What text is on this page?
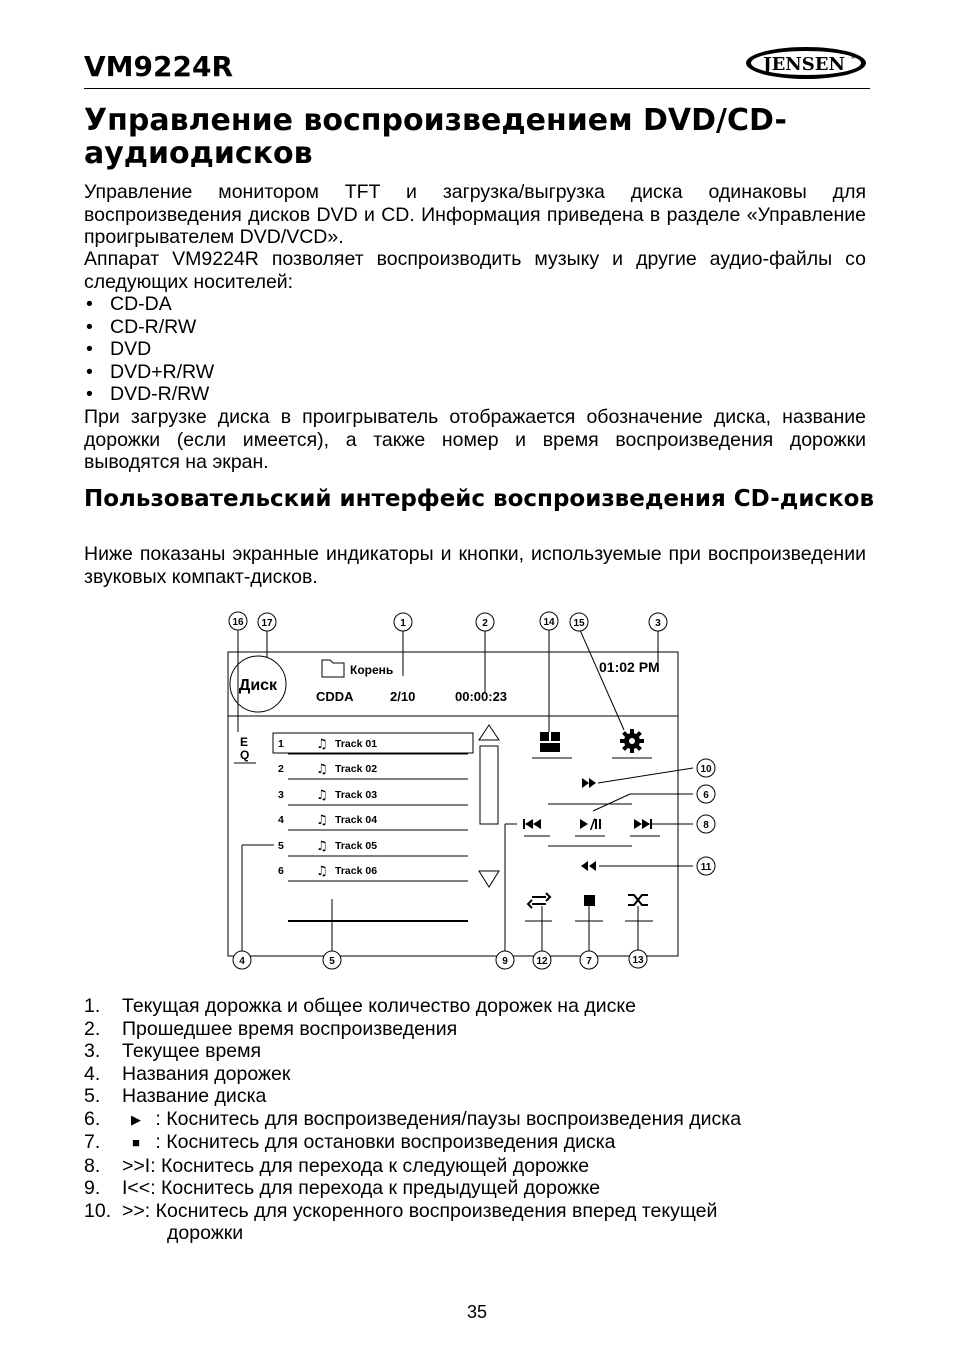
VM9224R	JENSEN ®
Управление воспроизведением DVD/CD-аудиодисков
Управление монитором TFT и загрузка/выгрузка диска одинаковы для воспроизведения дисков DVD и CD. Информация приведена в разделе «Управление проигрывателем DVD/VCD».
Аппарат VM9224R позволяет воспроизводить музыку и другие аудио-файлы со следующих носителей:
• CD-DA
• CD-R/RW
• DVD
• DVD+R/RW
• DVD-R/RW
При загрузке диска в проигрыватель отображается обозначение диска, название дорожки (если имеется), а также номер и время воспроизведения дорожки выводятся на экран.
Пользовательский интерфейс воспроизведения CD-дисков
Ниже показаны экранные индикаторы и кнопки, используемые при воспроизведении звуковых компакт-дисков.
Диск
Корень
CDDA	2/10	00:00:23
01:02 PM
E
Q
1	Track 01
2	Track 02
3	Track 03
4	Track 04
5	Track 05
6	Track 06
♫
♫
♫
♫
♫
♫
1	2	3
14 15
16 17
10
6
8
11
4	5	9	12	7	13
1. Текущая дорожка и общее количество дорожек на диске
2. Прошедшее время воспроизведения
3. Текущее время
4. Названия дорожек
5. Название диска
6. ▶ : Коснитесь для воспроизведения/паузы воспроизведения диска
7. ■ : Коснитесь для остановки воспроизведения диска
8. >>I: Коснитесь для перехода к следующей дорожке
9. I<<: Коснитесь для перехода к предыдущей дорожке
10. >>: Коснитесь для ускоренного воспроизведения вперед текущей
дорожки
35
